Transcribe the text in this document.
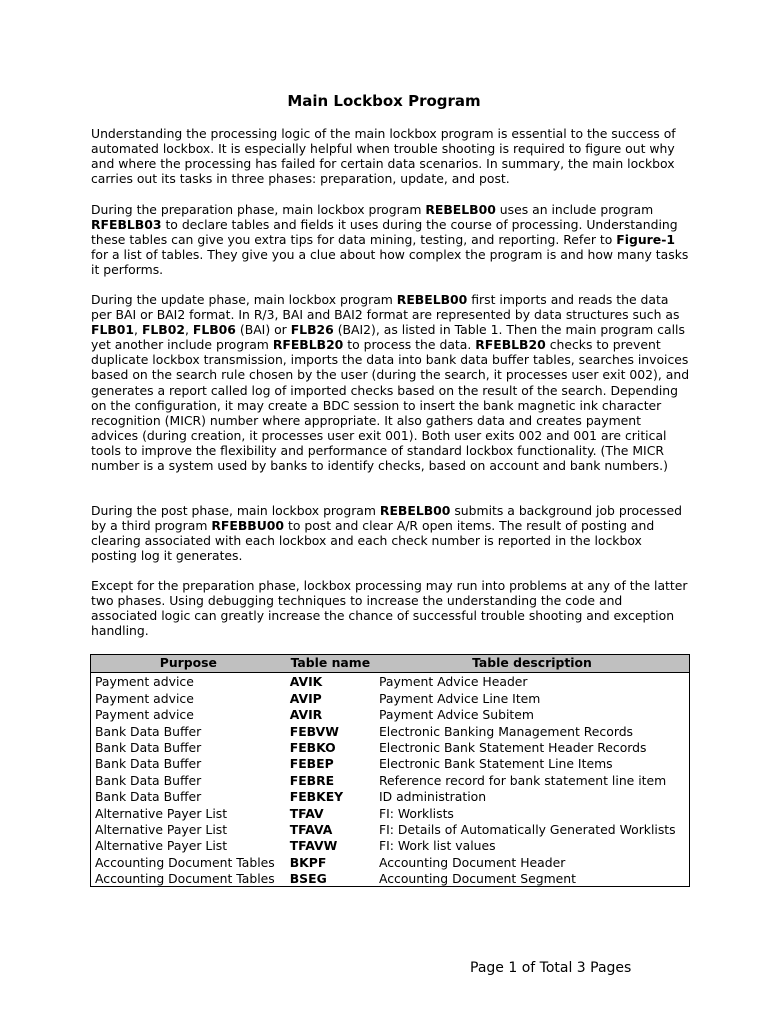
Main Lockbox Program

Understanding the processing logic of the main lockbox program is essential to the success of automated lockbox. It is especially helpful when trouble shooting is required to figure out why and where the processing has failed for certain data scenarios. In summary, the main lockbox carries out its tasks in three phases: preparation, update, and post.

During the preparation phase, main lockbox program REBELB00 uses an include program RFEBLB03 to declare tables and fields it uses during the course of processing. Understanding these tables can give you extra tips for data mining, testing, and reporting. Refer to Figure-1 for a list of tables. They give you a clue about how complex the program is and how many tasks it performs.

During the update phase, main lockbox program REBELB00 first imports and reads the data per BAI or BAI2 format. In R/3, BAI and BAI2 format are represented by data structures such as FLB01, FLB02, FLB06 (BAI) or FLB26 (BAI2), as listed in Table 1. Then the main program calls yet another include program RFEBLB20 to process the data. RFEBLB20 checks to prevent duplicate lockbox transmission, imports the data into bank data buffer tables, searches invoices based on the search rule chosen by the user (during the search, it processes user exit 002), and generates a report called log of imported checks based on the result of the search. Depending on the configuration, it may create a BDC session to insert the bank magnetic ink character recognition (MICR) number where appropriate. It also gathers data and creates payment advices (during creation, it processes user exit 001). Both user exits 002 and 001 are critical tools to improve the flexibility and performance of standard lockbox functionality. (The MICR number is a system used by banks to identify checks, based on account and bank numbers.)

During the post phase, main lockbox program REBELB00 submits a background job processed by a third program RFEBBU00 to post and clear A/R open items. The result of posting and clearing associated with each lockbox and each check number is reported in the lockbox posting log it generates.

Except for the preparation phase, lockbox processing may run into problems at any of the latter two phases. Using debugging techniques to increase the understanding the code and associated logic can greatly increase the chance of successful trouble shooting and exception handling.

Purpose	Table name	Table description
Payment advice	AVIK	Payment Advice Header
Payment advice	AVIP	Payment Advice Line Item
Payment advice	AVIR	Payment Advice Subitem
Bank Data Buffer	FEBVW	Electronic Banking Management Records
Bank Data Buffer	FEBKO	Electronic Bank Statement Header Records
Bank Data Buffer	FEBEP	Electronic Bank Statement Line Items
Bank Data Buffer	FEBRE	Reference record for bank statement line item
Bank Data Buffer	FEBKEY	ID administration
Alternative Payer List	TFAV	FI: Worklists
Alternative Payer List	TFAVA	FI: Details of Automatically Generated Worklists
Alternative Payer List	TFAVW	FI: Work list values
Accounting Document Tables	BKPF	Accounting Document Header
Accounting Document Tables	BSEG	Accounting Document Segment
Page 1 of Total 3 Pages
